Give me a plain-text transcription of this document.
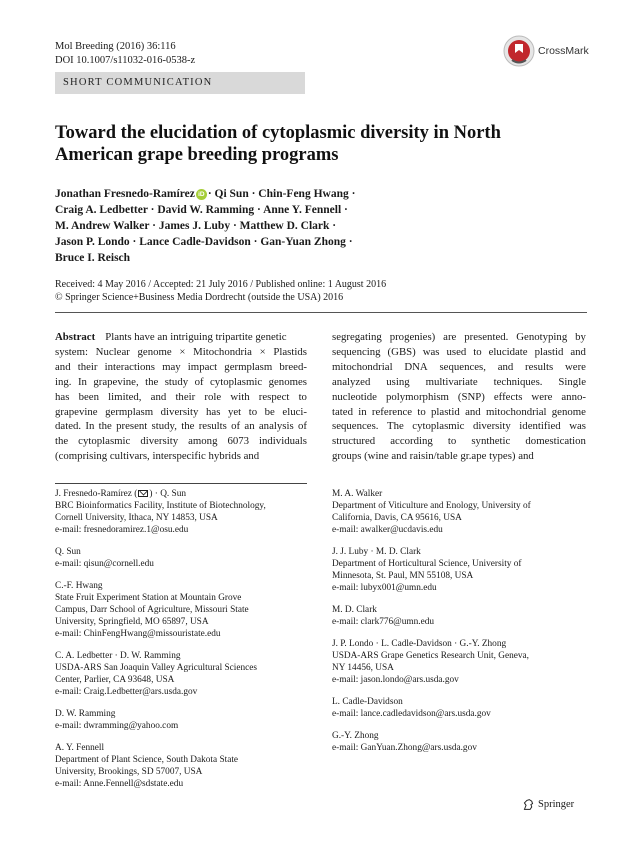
Mol Breeding (2016) 36:116
DOI 10.1007/s11032-016-0538-z
CrossMark
SHORT COMMUNICATION
Toward the elucidation of cytoplasmic diversity in North
American grape breeding programs
Jonathan Fresnedo-Ramírez iD · Qi Sun · Chin-Feng Hwang ·
Craig A. Ledbetter · David W. Ramming · Anne Y. Fennell ·
M. Andrew Walker · James J. Luby · Matthew D. Clark ·
Jason P. Londo · Lance Cadle-Davidson · Gan-Yuan Zhong ·
Bruce I. Reisch
Received: 4 May 2016 / Accepted: 21 July 2016 / Published online: 1 August 2016
© Springer Science+Business Media Dordrecht (outside the USA) 2016
Abstract Plants have an intriguing tripartite genetic
system: Nuclear genome × Mitochondria × Plastids
and their interactions may impact germplasm breed-
ing. In grapevine, the study of cytoplasmic genomes
has been limited, and their role with respect to
grapevine germplasm diversity has yet to be eluci-
dated. In the present study, the results of an analysis of
the cytoplasmic diversity among 6073 individuals
(comprising cultivars, interspecific hybrids and
segregating progenies) are presented. Genotyping by
sequencing (GBS) was used to elucidate plastid and
mitochondrial DNA sequences, and results were
analyzed using multivariate techniques. Single
nucleotide polymorphism (SNP) effects were anno-
tated in reference to plastid and mitochondrial genome
sequences. The cytoplasmic diversity identified was
structured according to synthetic domestication
groups (wine and raisin/table gr.ape types) and
J. Fresnedo-Ramírez ( ) · Q. Sun
BRC Bioinformatics Facility, Institute of Biotechnology,
Cornell University, Ithaca, NY 14853, USA
e-mail: fresnedoramirez.1@osu.edu
Q. Sun
e-mail: qisun@cornell.edu
C.-F. Hwang
State Fruit Experiment Station at Mountain Grove
Campus, Darr School of Agriculture, Missouri State
University, Springfield, MO 65897, USA
e-mail: ChinFengHwang@missouristate.edu
C. A. Ledbetter · D. W. Ramming
USDA-ARS San Joaquin Valley Agricultural Sciences
Center, Parlier, CA 93648, USA
e-mail: Craig.Ledbetter@ars.usda.gov
D. W. Ramming
e-mail: dwramming@yahoo.com
A. Y. Fennell
Department of Plant Science, South Dakota State
University, Brookings, SD 57007, USA
e-mail: Anne.Fennell@sdstate.edu
M. A. Walker
Department of Viticulture and Enology, University of
California, Davis, CA 95616, USA
e-mail: awalker@ucdavis.edu
J. J. Luby · M. D. Clark
Department of Horticultural Science, University of
Minnesota, St. Paul, MN 55108, USA
e-mail: lubyx001@umn.edu
M. D. Clark
e-mail: clark776@umn.edu
J. P. Londo · L. Cadle-Davidson · G.-Y. Zhong
USDA-ARS Grape Genetics Research Unit, Geneva,
NY 14456, USA
e-mail: jason.londo@ars.usda.gov
L. Cadle-Davidson
e-mail: lance.cadledavidson@ars.usda.gov
G.-Y. Zhong
e-mail: GanYuan.Zhong@ars.usda.gov
Springer
